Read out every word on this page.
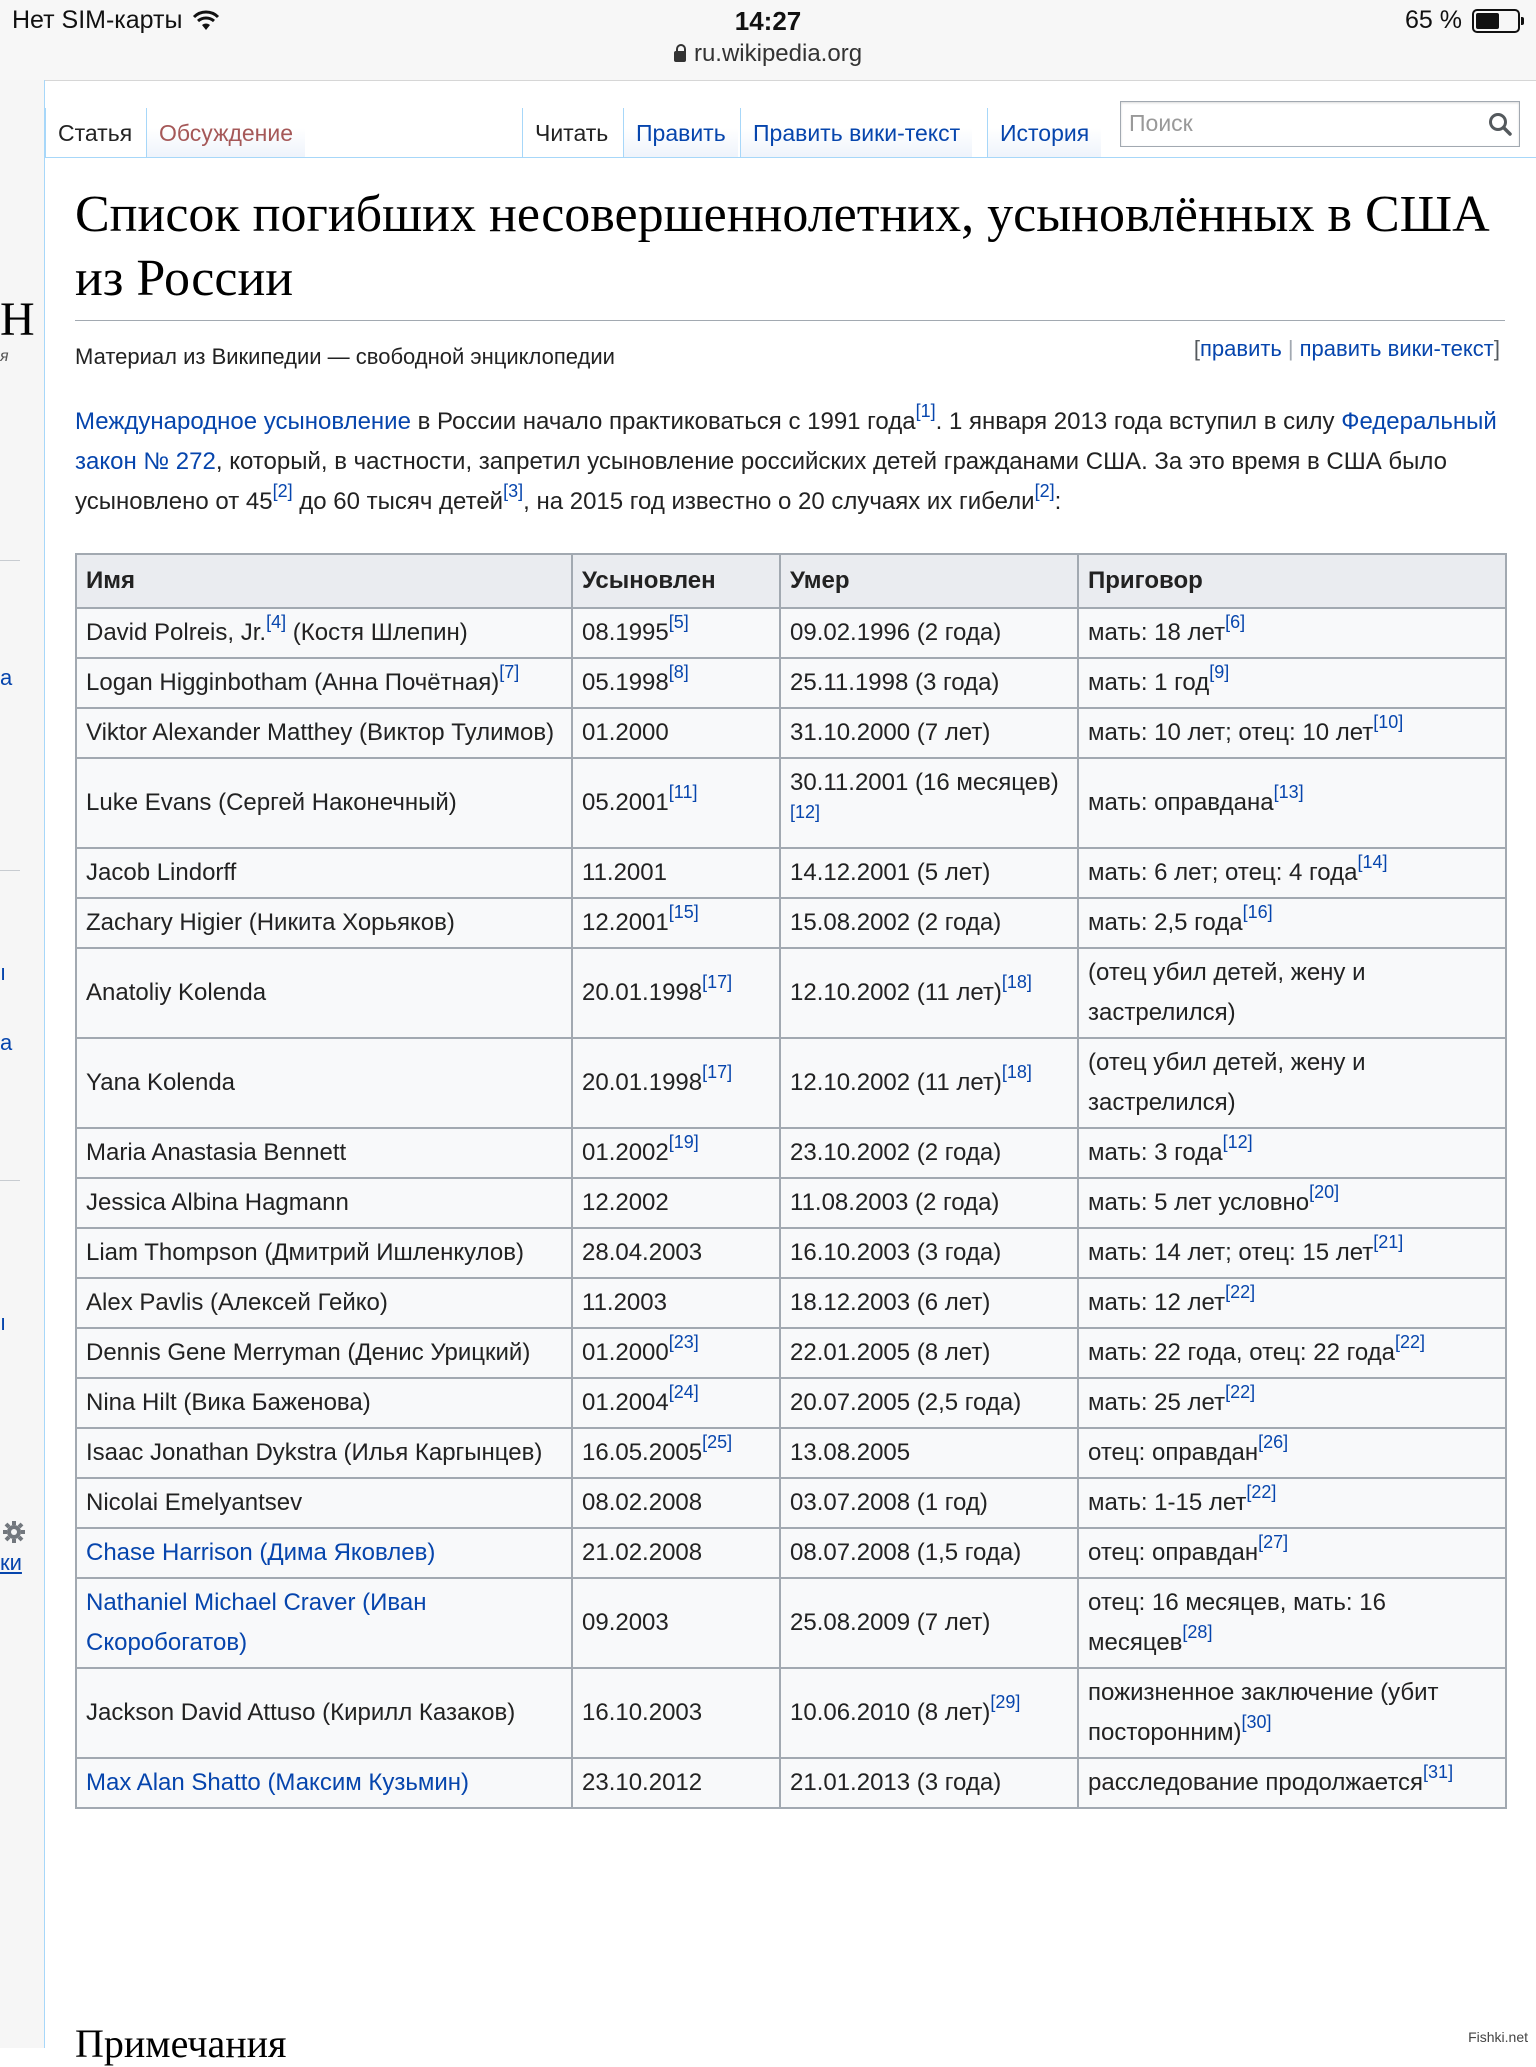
Нет SIM-карты	14:27	65 %
ru.wikipedia.org
Н
я
а
ı
а
ı
ки
Статья	Обсуждение	Читать	Править	Править вики-текст	История
Поиск
Список погибших несовершеннолетних, усыновлённых в США из России
Материал из Википедии — свободной энциклопедии	[править | править вики-текст]
Международное усыновление в России начало практиковаться с 1991 года[1]. 1 января 2013 года вступил в силу Федеральный закон № 272, который, в частности, запретил усыновление российских детей гражданами США. За это время в США было усыновлено от 45[2] до 60 тысяч детей[3], на 2015 год известно о 20 случаях их гибели[2]:
Имя	Усыновлен	Умер	Приговор
David Polreis, Jr.[4] (Костя Шлепин)	08.1995[5]	09.02.1996 (2 года)	мать: 18 лет[6]
Logan Higginbotham (Анна Почётная)[7]	05.1998[8]	25.11.1998 (3 года)	мать: 1 год[9]
Viktor Alexander Matthey (Виктор Тулимов)	01.2000	31.10.2000 (7 лет)	мать: 10 лет; отец: 10 лет[10]
Luke Evans (Сергей Наконечный)	05.2001[11]	30.11.2001 (16 месяцев)[12]	мать: оправдана[13]
Jacob Lindorff	11.2001	14.12.2001 (5 лет)	мать: 6 лет; отец: 4 года[14]
Zachary Higier (Никита Хорьяков)	12.2001[15]	15.08.2002 (2 года)	мать: 2,5 года[16]
Anatoliy Kolenda	20.01.1998[17]	12.10.2002 (11 лет)[18]	(отец убил детей, жену и застрелился)
Yana Kolenda	20.01.1998[17]	12.10.2002 (11 лет)[18]	(отец убил детей, жену и застрелился)
Maria Anastasia Bennett	01.2002[19]	23.10.2002 (2 года)	мать: 3 года[12]
Jessica Albina Hagmann	12.2002	11.08.2003 (2 года)	мать: 5 лет условно[20]
Liam Thompson (Дмитрий Ишленкулов)	28.04.2003	16.10.2003 (3 года)	мать: 14 лет; отец: 15 лет[21]
Alex Pavlis (Алексей Гейко)	11.2003	18.12.2003 (6 лет)	мать: 12 лет[22]
Dennis Gene Merryman (Денис Урицкий)	01.2000[23]	22.01.2005 (8 лет)	мать: 22 года, отец: 22 года[22]
Nina Hilt (Вика Баженова)	01.2004[24]	20.07.2005 (2,5 года)	мать: 25 лет[22]
Isaac Jonathan Dykstra (Илья Каргынцев)	16.05.2005[25]	13.08.2005	отец: оправдан[26]
Nicolai Emelyantsev	08.02.2008	03.07.2008 (1 год)	мать: 1-15 лет[22]
Chase Harrison (Дима Яковлев)	21.02.2008	08.07.2008 (1,5 года)	отец: оправдан[27]
Nathaniel Michael Craver (Иван Скоробогатов)	09.2003	25.08.2009 (7 лет)	отец: 16 месяцев, мать: 16 месяцев[28]
Jackson David Attuso (Кирилл Казаков)	16.10.2003	10.06.2010 (8 лет)[29]	пожизненное заключение (убит посторонним)[30]
Max Alan Shatto (Максим Кузьмин)	23.10.2012	21.01.2013 (3 года)	расследование продолжается[31]
Примечания	Fishki.net
